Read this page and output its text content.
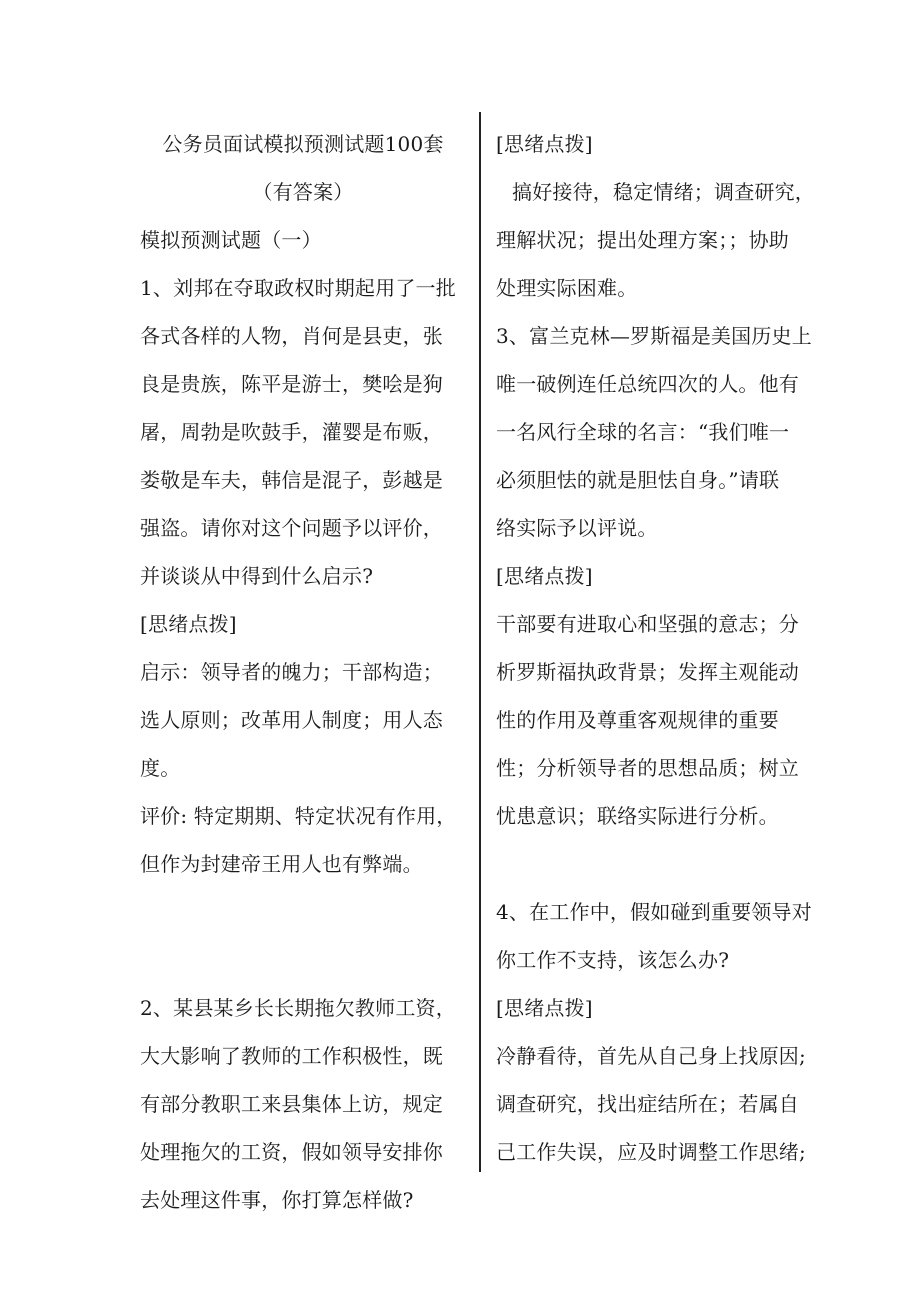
公务员面试模拟预测试题100套
（有答案）
模拟预测试题（一）
1、刘邦在夺取政权时期起用了一批
各式各样的人物，肖何是县吏，张
良是贵族，陈平是游士，樊哙是狗
屠，周勃是吹鼓手，灌婴是布贩，
娄敬是车夫，韩信是混子，彭越是
强盗。请你对这个问题予以评价，
并谈谈从中得到什么启示?
[思绪点拨]
启示：领导者的魄力；干部构造；
选人原则；改革用人制度；用人态
度。
评价: 特定期期、特定状况有作用，
但作为封建帝王用人也有弊端。
2、某县某乡长长期拖欠教师工资，
大大影响了教师的工作积极性，既
有部分教职工来县集体上访，规定
处理拖欠的工资，假如领导安排你
去处理这件事，你打算怎样做?
[思绪点拨]
搞好接待，稳定情绪；调查研究，
理解状况；提出处理方案；；协助
处理实际困难。
3、富兰克林—罗斯福是美国历史上
唯一破例连任总统四次的人。他有
一名风行全球的名言：“我们唯一
必须胆怯的就是胆怯自身。”请联
络实际予以评说。
[思绪点拨]
干部要有进取心和坚强的意志；分
析罗斯福执政背景；发挥主观能动
性的作用及尊重客观规律的重要
性；分析领导者的思想品质；树立
忧患意识；联络实际进行分析。
4、在工作中，假如碰到重要领导对
你工作不支持，该怎么办?
[思绪点拨]
冷静看待，首先从自己身上找原因;
调查研究，找出症结所在；若属自
己工作失误，应及时调整工作思绪;
